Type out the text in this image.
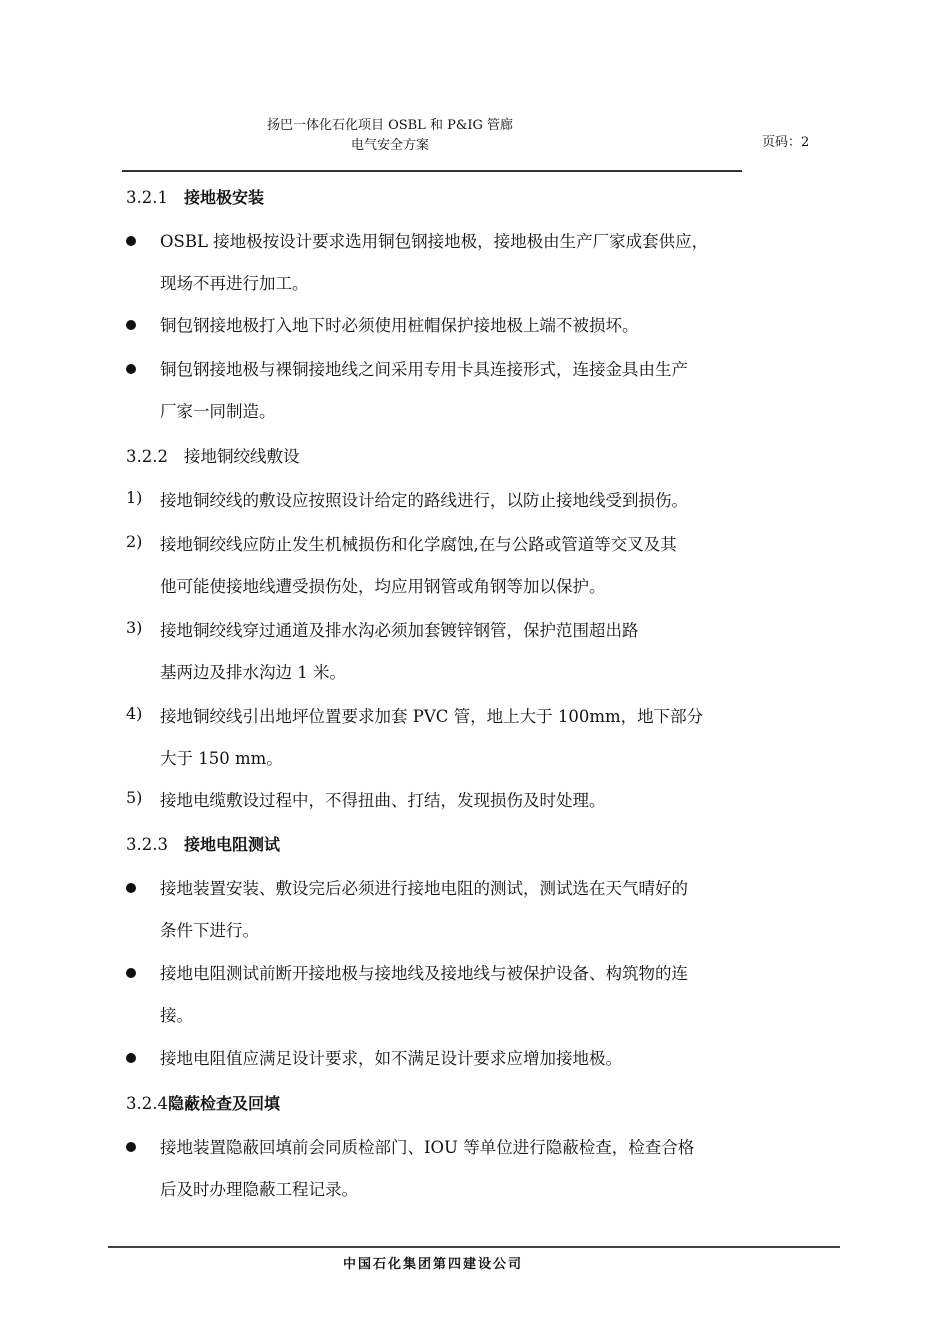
扬巴一体化石化项目 OSBL 和 P&IG 管廊
电气安全方案	页码：2
3.2.1 接地极安装
OSBL 接地极按设计要求选用铜包钢接地极，接地极由生产厂家成套供应，
现场不再进行加工。
铜包钢接地极打入地下时必须使用桩帽保护接地极上端不被损坏。
铜包钢接地极与裸铜接地线之间采用专用卡具连接形式，连接金具由生产
厂家一同制造。
3.2.2 接地铜绞线敷设
1)	接地铜绞线的敷设应按照设计给定的路线进行，以防止接地线受到损伤。
2)	接地铜绞线应防止发生机械损伤和化学腐蚀,在与公路或管道等交叉及其
他可能使接地线遭受损伤处，均应用钢管或角钢等加以保护。
3)	接地铜绞线穿过通道及排水沟必须加套镀锌钢管，保护范围超出路
基两边及排水沟边 1 米。
4)	接地铜绞线引出地坪位置要求加套 PVC 管，地上大于 100mm，地下部分
大于 150 mm。
5)	接地电缆敷设过程中，不得扭曲、打结，发现损伤及时处理。
3.2.3 接地电阻测试
接地装置安装、敷设完后必须进行接地电阻的测试，测试选在天气晴好的
条件下进行。
接地电阻测试前断开接地极与接地线及接地线与被保护设备、构筑物的连
接。
接地电阻值应满足设计要求，如不满足设计要求应增加接地极。
3.2.4隐蔽检查及回填
接地装置隐蔽回填前会同质检部门、IOU 等单位进行隐蔽检查，检查合格
后及时办理隐蔽工程记录。
中国石化集团第四建设公司
